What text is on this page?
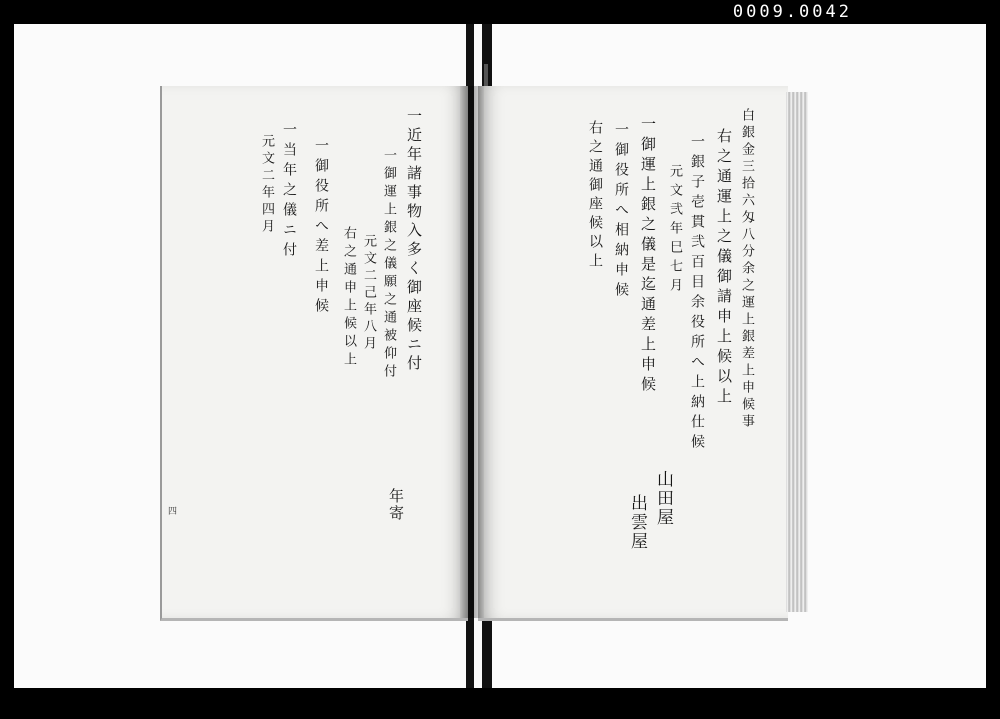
0009.0042
一近年諸事物入多く御座候ニ付
一御運上銀之儀願之通被仰付
元文二己年八月
右之通申上候以上
一御役所へ差上申候
一当年之儀ニ付
元文二年四月
年寄
四
白銀金三拾六匁八分余之運上銀差上申候事
右之通運上之儀御請申上候以上
一銀子壱貫弐百目余役所へ上納仕候
元文弐年巳七月
一御運上銀之儀是迄通差上申候
一御役所へ相納申候
右之通御座候以上
山田屋
出雲屋
